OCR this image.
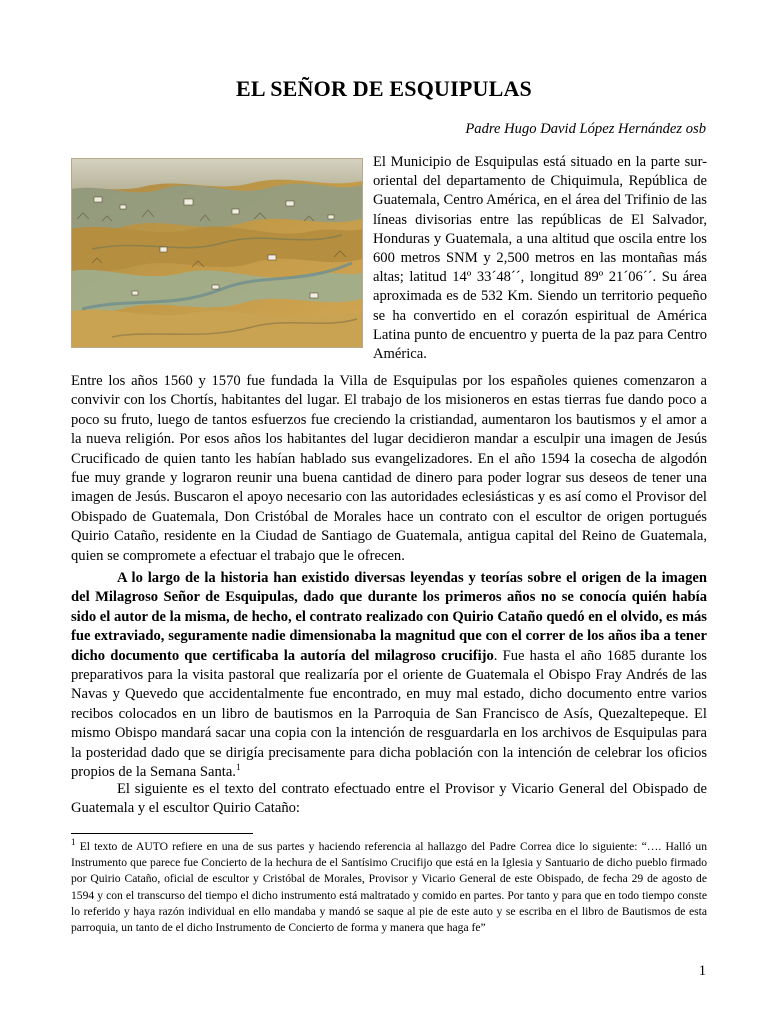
EL SEÑOR DE ESQUIPULAS
Padre Hugo David López Hernández osb
El Municipio de Esquipulas está situado en la parte sur-oriental del departamento de Chiquimula, República de Guatemala, Centro América, en el área del Trifinio de las líneas divisorias entre las repúblicas de El Salvador, Honduras y Guatemala, a una altitud que oscila entre los 600 metros SNM y 2,500 metros en las montañas más altas; latitud 14º 33´48´´, longitud 89º 21´06´´. Su área aproximada es de 532 Km. Siendo un territorio pequeño se ha convertido en el corazón espiritual de América Latina punto de encuentro y puerta de la paz para Centro América.

Entre los años 1560 y 1570 fue fundada la Villa de Esquipulas por los españoles quienes comenzaron a convivir con los Chortís, habitantes del lugar. El trabajo de los misioneros en estas tierras fue dando poco a poco su fruto, luego de tantos esfuerzos fue creciendo la cristiandad, aumentaron los bautismos y el amor a la nueva religión. Por esos años los habitantes del lugar decidieron mandar a esculpir una imagen de Jesús Crucificado de quien tanto les habían hablado sus evangelizadores. En el año 1594 la cosecha de algodón fue muy grande y lograron reunir una buena cantidad de dinero para poder lograr sus deseos de tener una imagen de Jesús. Buscaron el apoyo necesario con las autoridades eclesiásticas y es así como el Provisor del Obispado de Guatemala, Don Cristóbal de Morales hace un contrato con el escultor de origen portugués Quirio Cataño, residente en la Ciudad de Santiago de Guatemala, antigua capital del Reino de Guatemala, quien se compromete a efectuar el trabajo que le ofrecen.

A lo largo de la historia han existido diversas leyendas y teorías sobre el origen de la imagen del Milagroso Señor de Esquipulas, dado que durante los primeros años no se conocía quién había sido el autor de la misma, de hecho, el contrato realizado con Quirio Cataño quedó en el olvido, es más fue extraviado, seguramente nadie dimensionaba la magnitud que con el correr de los años iba a tener dicho documento que certificaba la autoría del milagroso crucifijo. Fue hasta el año 1685 durante los preparativos para la visita pastoral que realizaría por el oriente de Guatemala el Obispo Fray Andrés de las Navas y Quevedo que accidentalmente fue encontrado, en muy mal estado, dicho documento entre varios recibos colocados en un libro de bautismos en la Parroquia de San Francisco de Asís, Quezaltepeque. El mismo Obispo mandará sacar una copia con la intención de resguardarla en los archivos de Esquipulas para la posteridad dado que se dirigía precisamente para dicha población con la intención de celebrar los oficios propios de la Semana Santa.$^1$

El siguiente es el texto del contrato efectuado entre el Provisor y Vicario General del Obispado de Guatemala y el escultor Quirio Cataño:

$^1$ El texto de AUTO refiere en una de sus partes y haciendo referencia al hallazgo del Padre Correa dice lo siguiente: “…. Halló un Instrumento que parece fue Concierto de la hechura de el Santísimo Crucifijo que está en la Iglesia y Santuario de dicho pueblo firmado por Quirio Cataño, oficial de escultor y Cristóbal de Morales, Provisor y Vicario General de este Obispado, de fecha 29 de agosto de 1594 y con el transcurso del tiempo el dicho instrumento está maltratado y comido en partes. Por tanto y para que en todo tiempo conste lo referido y haya razón individual en ello mandaba y mandó se saque al pie de este auto y se escriba en el libro de Bautismos de esta parroquia, un tanto de el dicho Instrumento de Concierto de forma y manera que haga fe”
1
